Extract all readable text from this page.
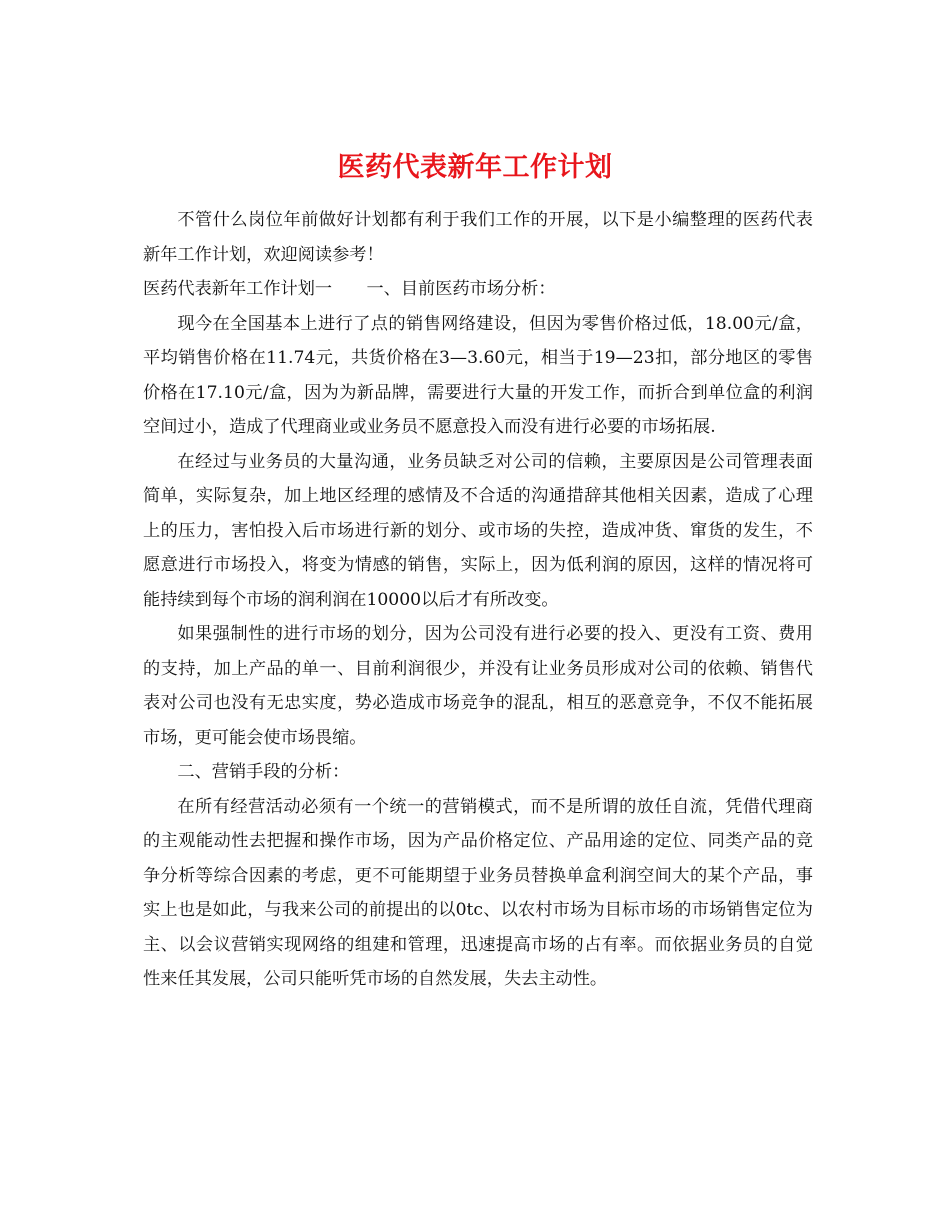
医药代表新年工作计划

不管什么岗位年前做好计划都有利于我们工作的开展，以下是小编整理的医药代表新年工作计划，欢迎阅读参考！

医药代表新年工作计划一　　一、目前医药市场分析：

现今在全国基本上进行了点的销售网络建设，但因为零售价格过低，18.00元/盒，平均销售价格在11.74元，共货价格在3—3.60元，相当于19—23扣，部分地区的零售价格在17.10元/盒，因为为新品牌，需要进行大量的开发工作，而折合到单位盒的利润空间过小，造成了代理商业或业务员不愿意投入而没有进行必要的市场拓展.

在经过与业务员的大量沟通，业务员缺乏对公司的信赖，主要原因是公司管理表面简单，实际复杂，加上地区经理的感情及不合适的沟通措辞其他相关因素，造成了心理上的压力，害怕投入后市场进行新的划分、或市场的失控，造成冲货、窜货的发生，不愿意进行市场投入，将变为情感的销售，实际上，因为低利润的原因，这样的情况将可能持续到每个市场的润利润在10000以后才有所改变。

如果强制性的进行市场的划分，因为公司没有进行必要的投入、更没有工资、费用的支持，加上产品的单一、目前利润很少，并没有让业务员形成对公司的依赖、销售代表对公司也没有无忠实度，势必造成市场竞争的混乱，相互的恶意竞争，不仅不能拓展市场，更可能会使市场畏缩。

二、营销手段的分析：

在所有经营活动必须有一个统一的营销模式，而不是所谓的放任自流，凭借代理商的主观能动性去把握和操作市场，因为产品价格定位、产品用途的定位、同类产品的竞争分析等综合因素的考虑，更不可能期望于业务员替换单盒利润空间大的某个产品，事实上也是如此，与我来公司的前提出的以0tc、以农村市场为目标市场的市场销售定位为主、以会议营销实现网络的组建和管理，迅速提高市场的占有率。而依据业务员的自觉性来任其发展，公司只能听凭市场的自然发展，失去主动性。
